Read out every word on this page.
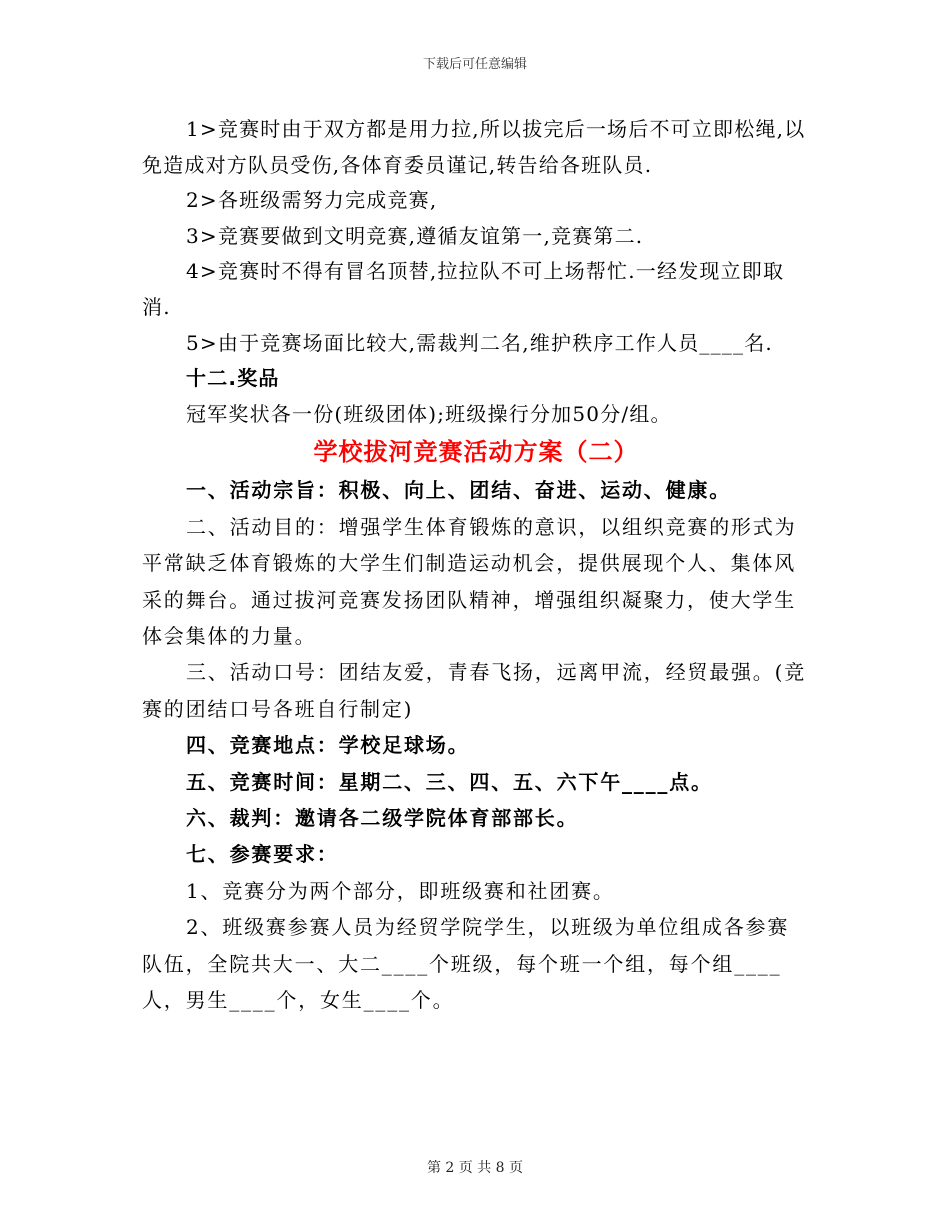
下载后可任意编辑

1>竞赛时由于双方都是用力拉,所以拔完后一场后不可立即松绳,以免造成对方队员受伤,各体育委员谨记,转告给各班队员.

2>各班级需努力完成竞赛,

3>竞赛要做到文明竞赛,遵循友谊第一,竞赛第二.

4>竞赛时不得有冒名顶替,拉拉队不可上场帮忙.一经发现立即取消.

5>由于竞赛场面比较大,需裁判二名,维护秩序工作人员____名.

十二.奖品

冠军奖状各一份(班级团体);班级操行分加50分/组。

学校拔河竞赛活动方案（二）

一、活动宗旨：积极、向上、团结、奋进、运动、健康。

二、活动目的：增强学生体育锻炼的意识，以组织竞赛的形式为平常缺乏体育锻炼的大学生们制造运动机会，提供展现个人、集体风采的舞台。通过拔河竞赛发扬团队精神，增强组织凝聚力，使大学生体会集体的力量。

三、活动口号：团结友爱，青春飞扬，远离甲流，经贸最强。(竞赛的团结口号各班自行制定)

四、竞赛地点：学校足球场。

五、竞赛时间：星期二、三、四、五、六下午____点。

六、裁判：邀请各二级学院体育部部长。

七、参赛要求：

1、竞赛分为两个部分，即班级赛和社团赛。

2、班级赛参赛人员为经贸学院学生，以班级为单位组成各参赛队伍，全院共大一、大二____个班级，每个班一个组，每个组____人，男生____个，女生____个。

第 2 页 共 8 页
